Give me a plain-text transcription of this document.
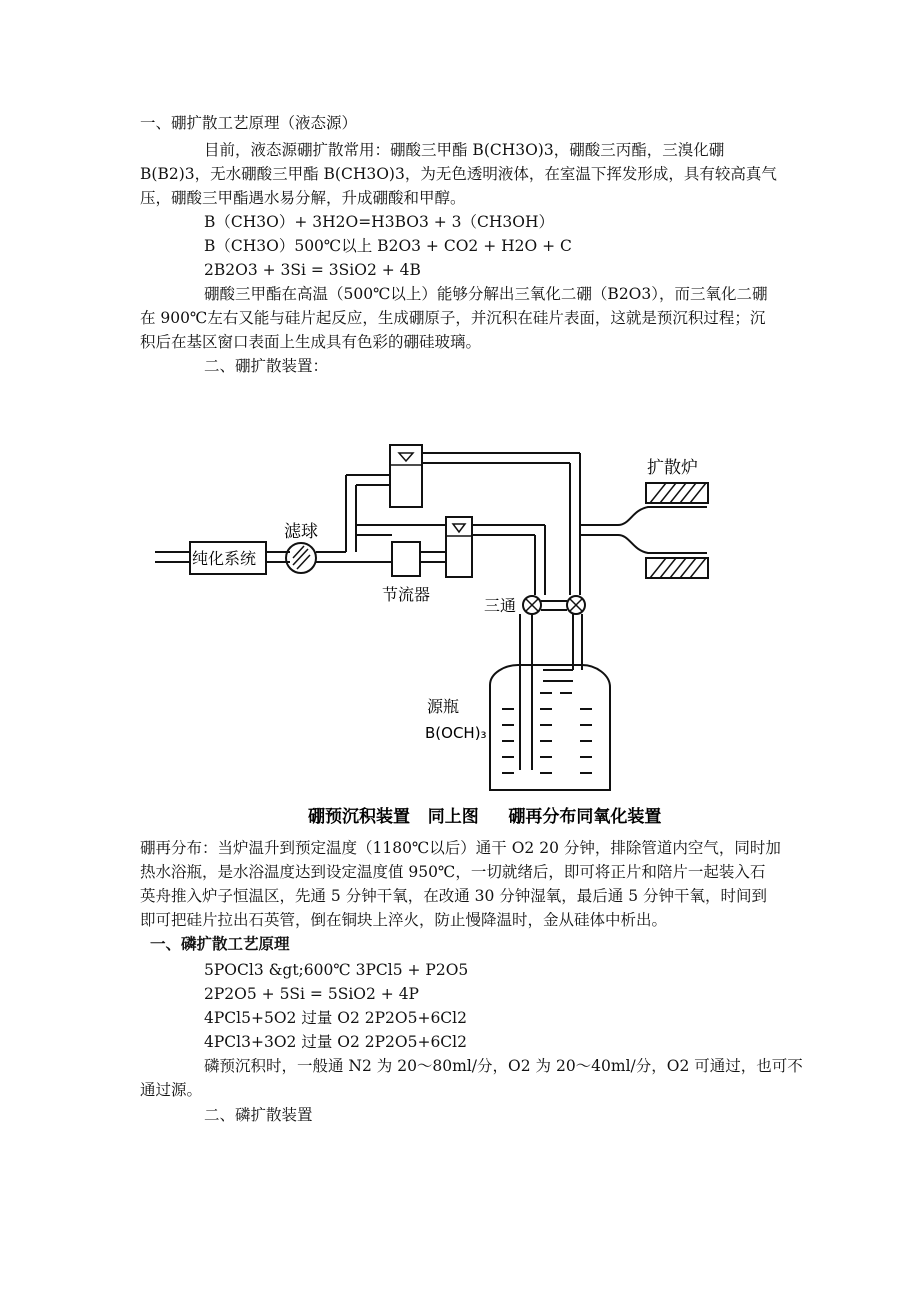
一、硼扩散工艺原理（液态源）
目前，液态源硼扩散常用：硼酸三甲酯 B(CH3O)3，硼酸三丙酯，三溴化硼
B(B2)3，无水硼酸三甲酯 B(CH3O)3，为无色透明液体，在室温下挥发形成，具有较高真气
压，硼酸三甲酯遇水易分解，升成硼酸和甲醇。
B（CH3O）+ 3H2O=H3BO3 + 3（CH3OH）
B（CH3O）500℃以上 B2O3 + CO2 + H2O + C
2B2O3 + 3Si = 3SiO2 + 4B
硼酸三甲酯在高温（500℃以上）能够分解出三氧化二硼（B2O3），而三氧化二硼
在 900℃左右又能与硅片起反应，生成硼原子，并沉积在硅片表面，这就是预沉积过程；沉
积后在基区窗口表面上生成具有色彩的硼硅玻璃。
二、硼扩散装置：
扩散炉
滤球
纯化系统
节流器
三通
源瓶
B(OCH)₃
硼预沉积装置   同上图     硼再分布同氧化装置
硼再分布：当炉温升到预定温度（1180℃以后）通干 O2 20 分钟，排除管道内空气，同时加
热水浴瓶，是水浴温度达到设定温度值 950℃，一切就绪后，即可将正片和陪片一起装入石
英舟推入炉子恒温区，先通 5 分钟干氧，在改通 30 分钟湿氧，最后通 5 分钟干氧，时间到
即可把硅片拉出石英管，倒在铜块上淬火，防止慢降温时，金从硅体中析出。
一、磷扩散工艺原理
5POCl3 &gt;600℃ 3PCl5 + P2O5
2P2O5 + 5Si = 5SiO2 + 4P
4PCl5+5O2 过量 O2 2P2O5+6Cl2
4PCl3+3O2 过量 O2 2P2O5+6Cl2
磷预沉积时，一般通 N2 为 20～80ml/分，O2 为 20～40ml/分，O2 可通过，也可不
通过源。
二、磷扩散装置
